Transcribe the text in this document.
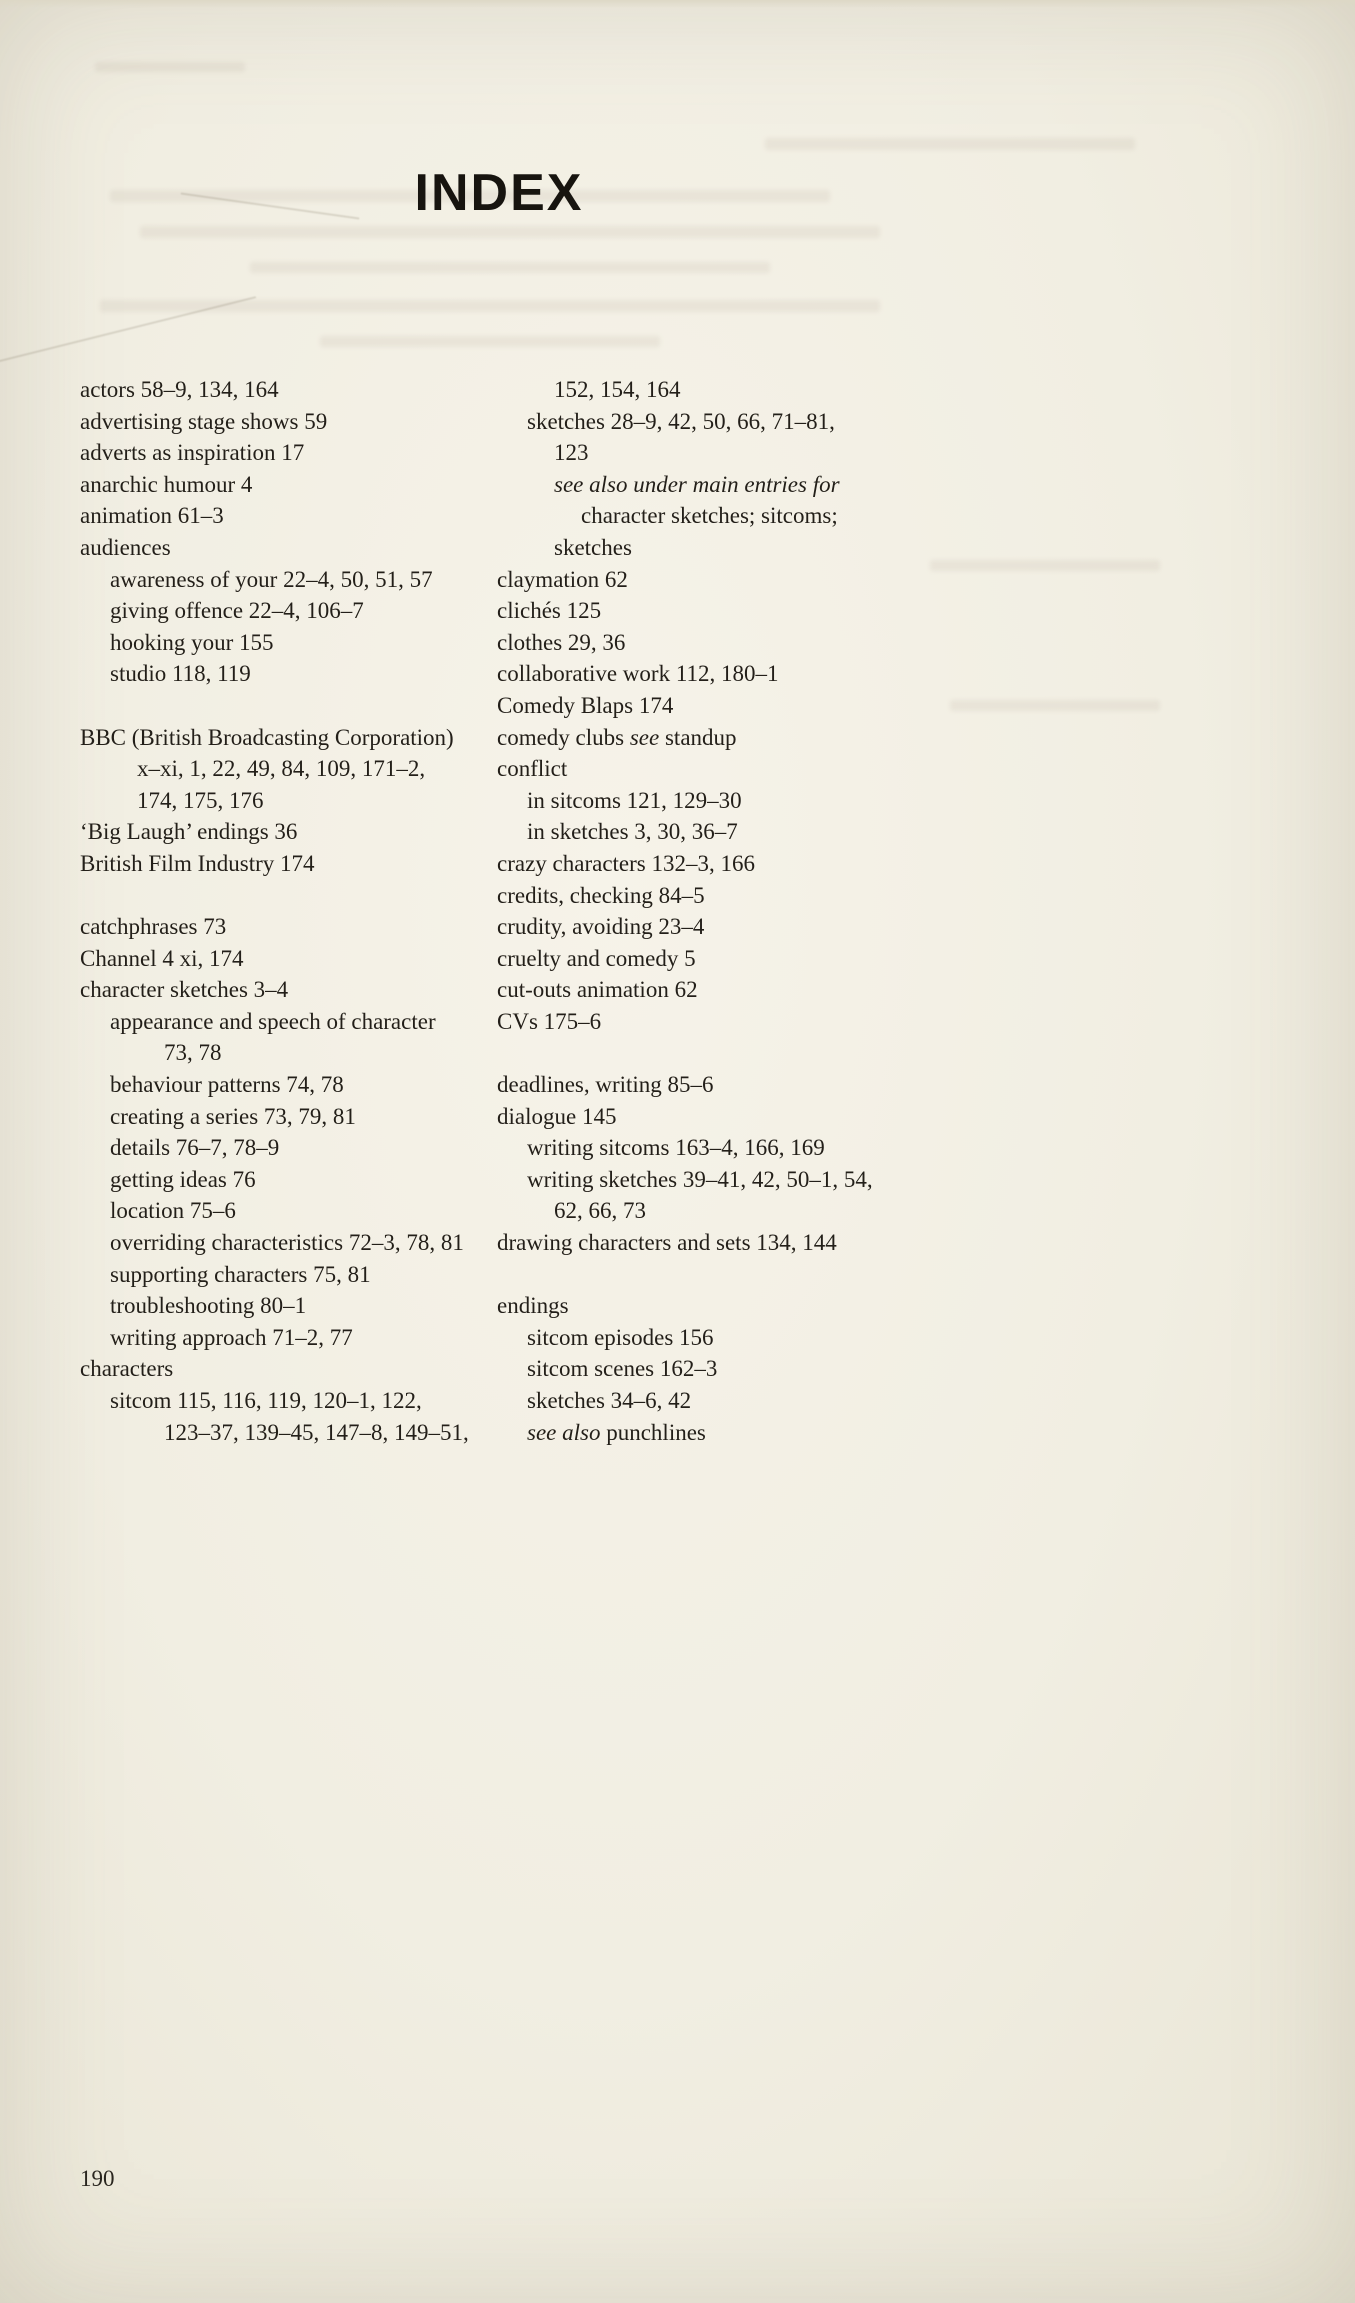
INDEX
actors 58–9, 134, 164
advertising stage shows 59
adverts as inspiration 17
anarchic humour 4
animation 61–3
audiences
awareness of your 22–4, 50, 51, 57
giving offence 22–4, 106–7
hooking your 155
studio 118, 119
BBC (British Broadcasting Corporation)
x–xi, 1, 22, 49, 84, 109, 171–2,
174, 175, 176
‘Big Laugh’ endings 36
British Film Industry 174
catchphrases 73
Channel 4 xi, 174
character sketches 3–4
appearance and speech of character
73, 78
behaviour patterns 74, 78
creating a series 73, 79, 81
details 76–7, 78–9
getting ideas 76
location 75–6
overriding characteristics 72–3, 78, 81
supporting characters 75, 81
troubleshooting 80–1
writing approach 71–2, 77
characters
sitcom 115, 116, 119, 120–1, 122,
123–37, 139–45, 147–8, 149–51,
152, 154, 164
sketches 28–9, 42, 50, 66, 71–81,
123
see also under main entries for
character sketches; sitcoms;
sketches
claymation 62
clichés 125
clothes 29, 36
collaborative work 112, 180–1
Comedy Blaps 174
comedy clubs see standup
conflict
in sitcoms 121, 129–30
in sketches 3, 30, 36–7
crazy characters 132–3, 166
credits, checking 84–5
crudity, avoiding 23–4
cruelty and comedy 5
cut-outs animation 62
CVs 175–6
deadlines, writing 85–6
dialogue 145
writing sitcoms 163–4, 166, 169
writing sketches 39–41, 42, 50–1, 54,
62, 66, 73
drawing characters and sets 134, 144
endings
sitcom episodes 156
sitcom scenes 162–3
sketches 34–6, 42
see also punchlines
190
